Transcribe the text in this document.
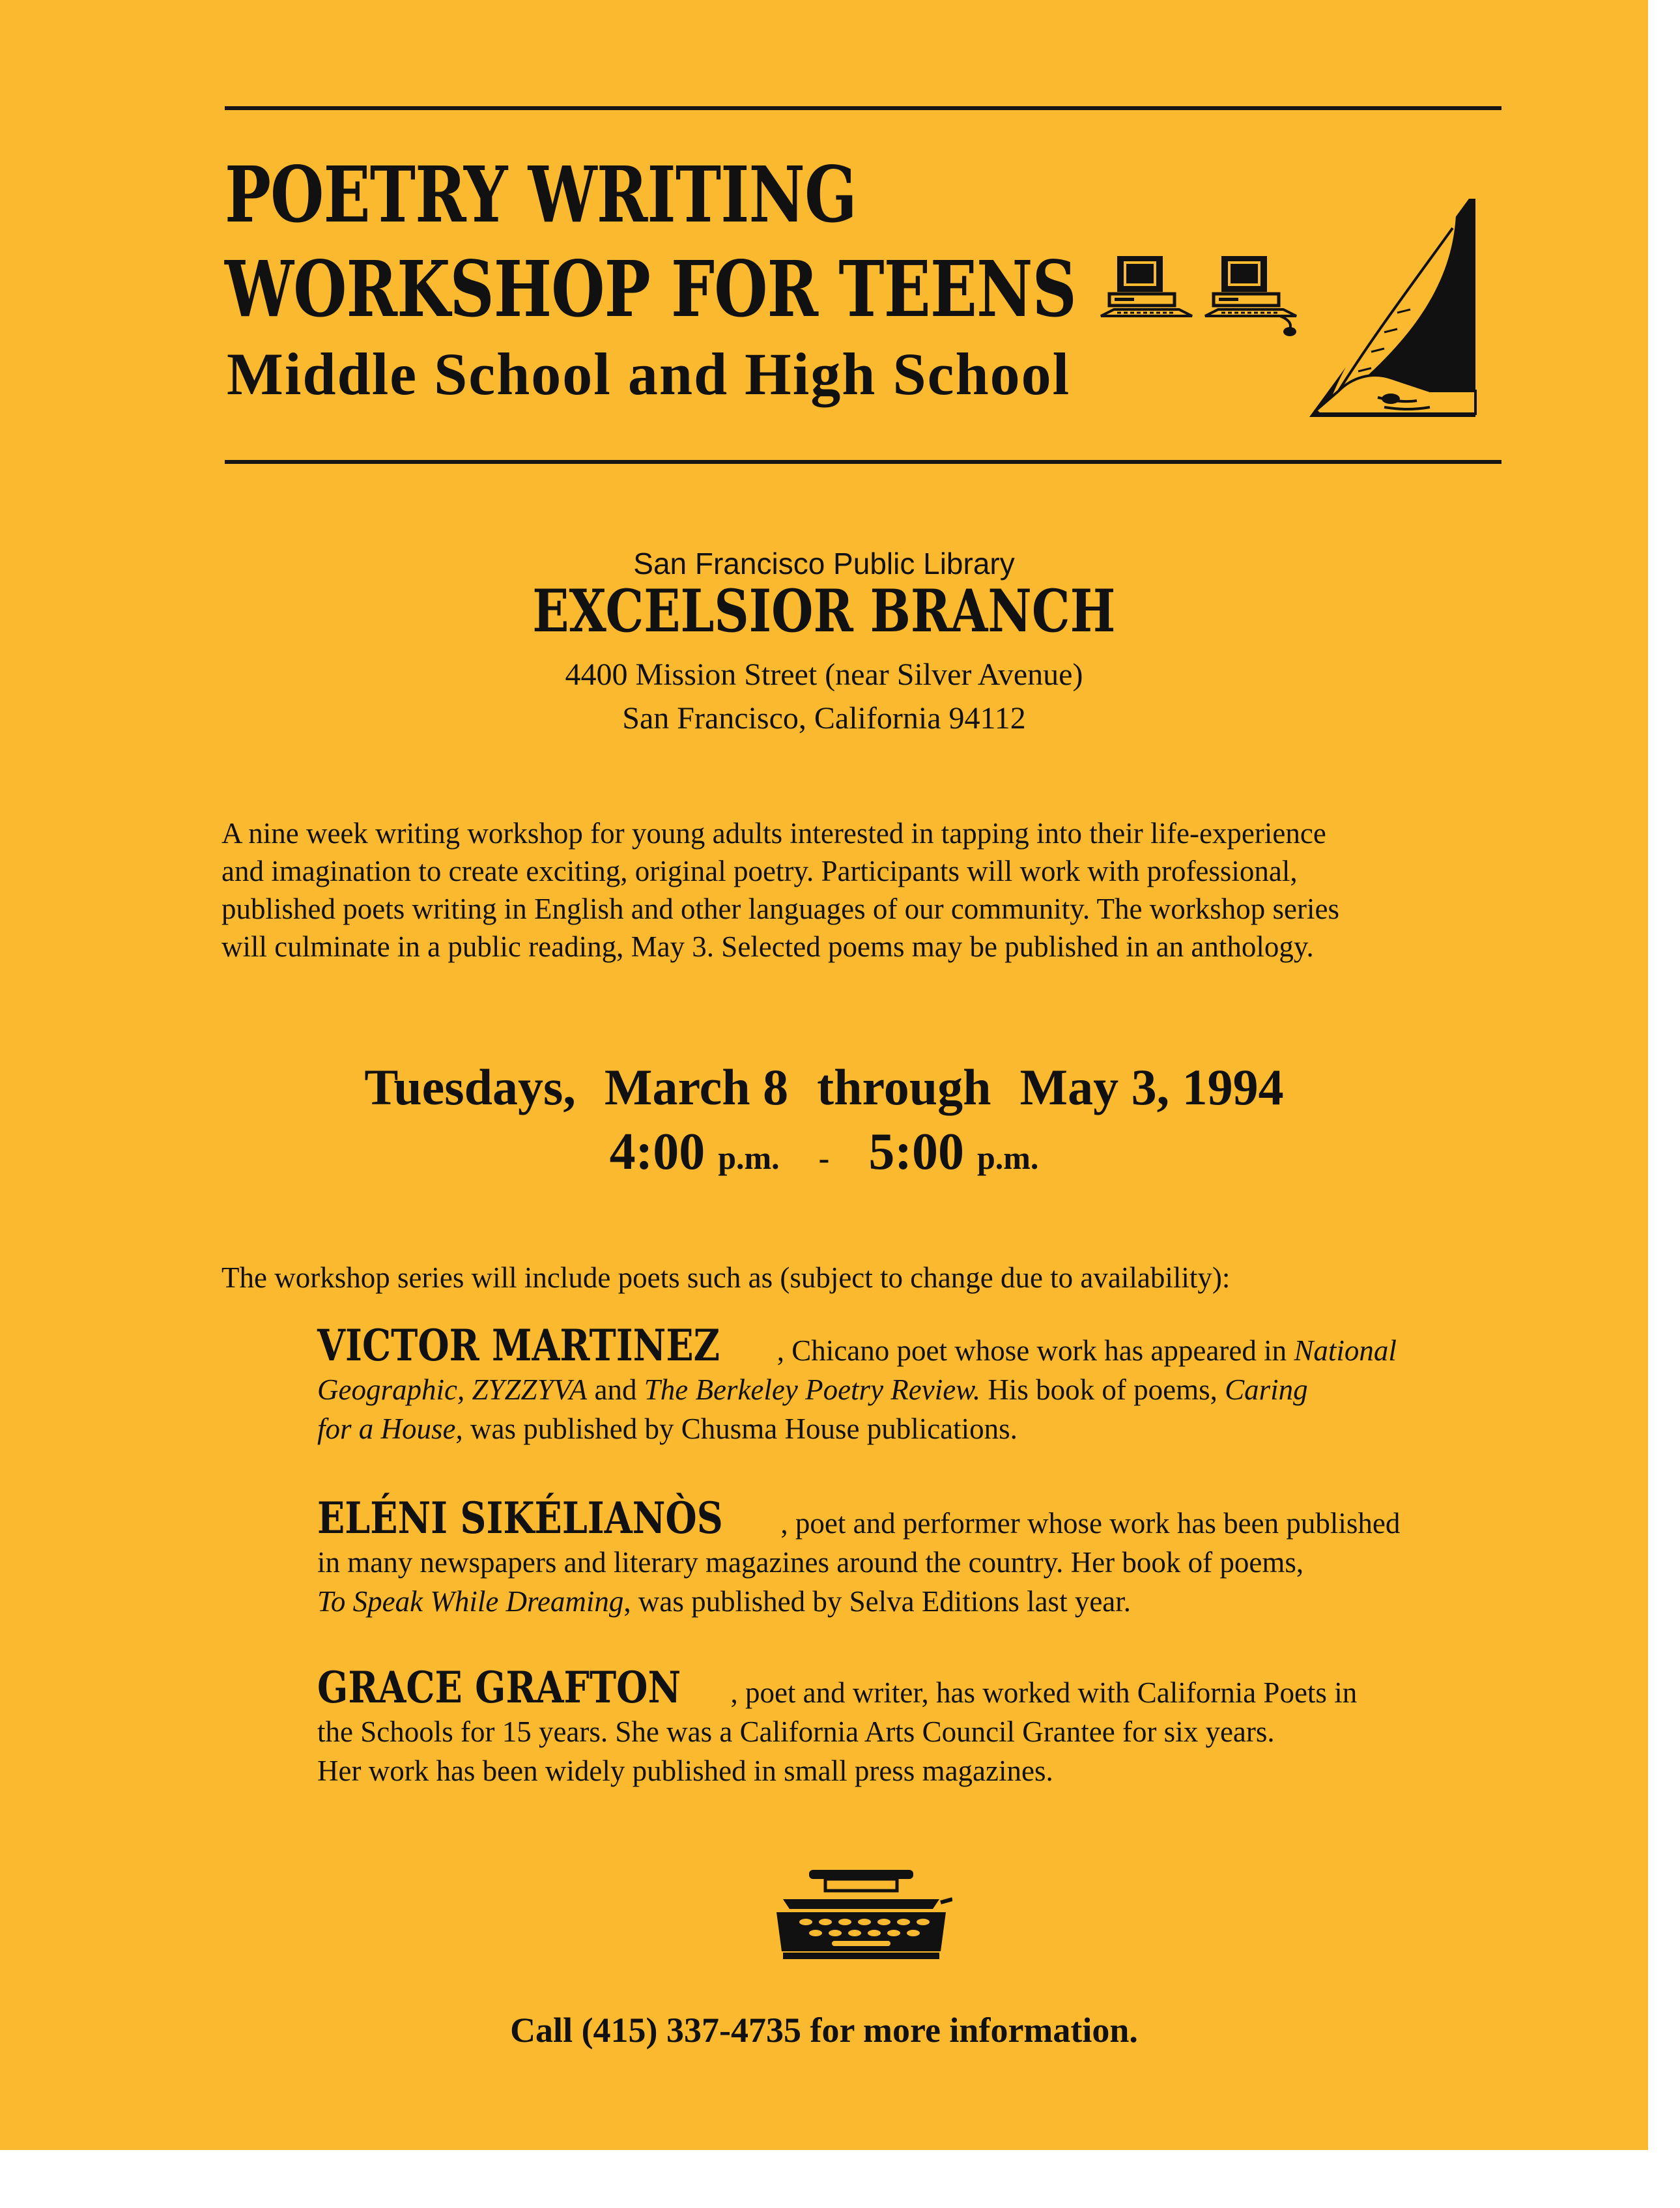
POETRY WRITING
WORKSHOP FOR TEENS
Middle School and High School
San Francisco Public Library
EXCELSIOR BRANCH
4400 Mission Street (near Silver Avenue)
San Francisco, California 94112
A nine week writing workshop for young adults interested in tapping into their life-experience
and imagination to create exciting, original poetry. Participants will work with professional,
published poets writing in English and other languages of our community. The workshop series
will culminate in a public reading, May 3. Selected poems may be published in an anthology.
Tuesdays, March 8 through May 3, 1994
4:00 p.m. - 5:00 p.m.

The workshop series will include poets such as (subject to change due to availability):

VICTOR MARTINEZ , Chicano poet whose work has appeared in National
Geographic, ZYZZYVA and The Berkeley Poetry Review. His book of poems, Caring
for a House, was published by Chusma House publications.
ELÉNI SIKÉLIANÒS , poet and performer whose work has been published
in many newspapers and literary magazines around the country. Her book of poems,
To Speak While Dreaming, was published by Selva Editions last year.
GRACE GRAFTON , poet and writer, has worked with California Poets in
the Schools for 15 years. She was a California Arts Council Grantee for six years.
Her work has been widely published in small press magazines.
Call (415) 337-4735 for more information.
